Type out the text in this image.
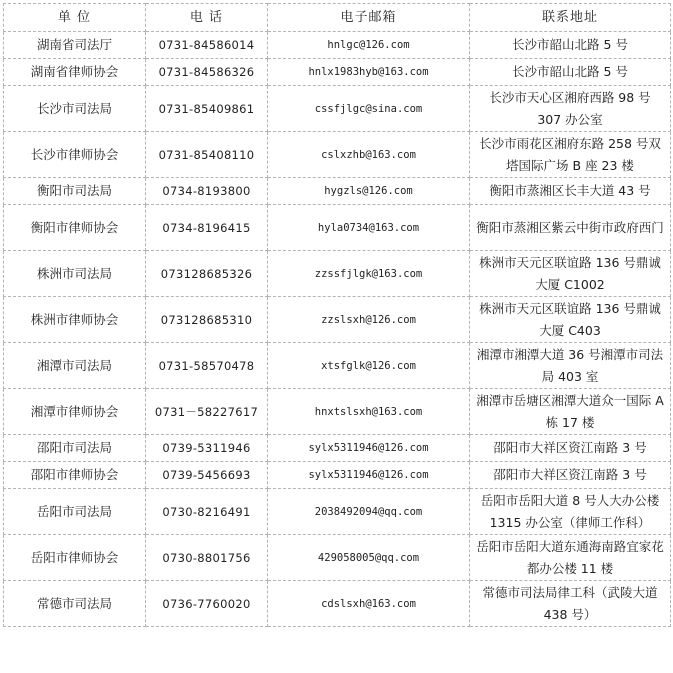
单 位	电 话	电子邮箱	联系地址
湖南省司法厅	0731-84586014	hnlgc@126.com	长沙市韶山北路 5 号
湖南省律师协会	0731-84586326	hnlx1983hyb@163.com	长沙市韶山北路 5 号
长沙市司法局	0731-85409861	cssfjlgc@sina.com	长沙市天心区湘府西路 98 号 307 办公室
长沙市律师协会	0731-85408110	cslxzhb@163.com	长沙市雨花区湘府东路 258 号双塔国际广场 B 座 23 楼
衡阳市司法局	0734-8193800	hygzls@126.com	衡阳市蒸湘区长丰大道 43 号
衡阳市律师协会	0734-8196415	hyla0734@163.com	衡阳市蒸湘区紫云中街市政府西门
株洲市司法局	073128685326	zzssfjlgk@163.com	株洲市天元区联谊路 136 号鼎诚大厦 C1002
株洲市律师协会	073128685310	zzslsxh@126.com	株洲市天元区联谊路 136 号鼎诚大厦 C403
湘潭市司法局	0731-58570478	xtsfglk@126.com	湘潭市湘潭大道 36 号湘潭市司法局 403 室
湘潭市律师协会	0731－58227617	hnxtslsxh@163.com	湘潭市岳塘区湘潭大道众一国际 A 栋 17 楼
邵阳市司法局	0739-5311946	sylx5311946@126.com	邵阳市大祥区资江南路 3 号
邵阳市律师协会	0739-5456693	sylx5311946@126.com	邵阳市大祥区资江南路 3 号
岳阳市司法局	0730-8216491	2038492094@qq.com	岳阳市岳阳大道 8 号人大办公楼 1315 办公室（律师工作科）
岳阳市律师协会	0730-8801756	429058005@qq.com	岳阳市岳阳大道东通海南路宜家花都办公楼 11 楼
常德市司法局	0736-7760020	cdslsxh@163.com	常德市司法局律工科（武陵大道 438 号）
